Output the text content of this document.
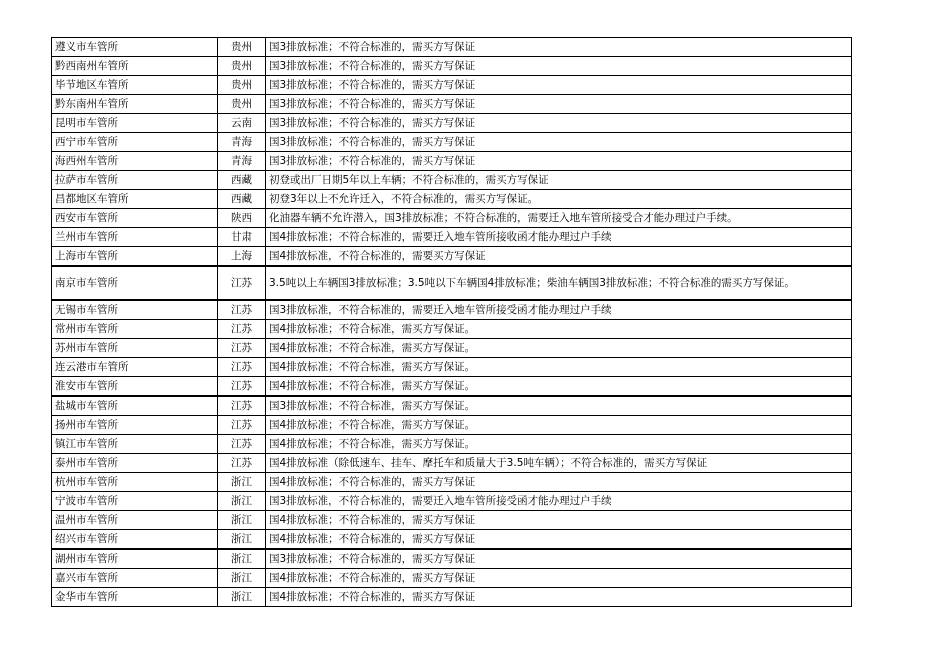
遵义市车管所	贵州	国3排放标准；不符合标准的，需买方写保证
黔西南州车管所	贵州	国3排放标准；不符合标准的，需买方写保证
毕节地区车管所	贵州	国3排放标准；不符合标准的，需买方写保证
黔东南州车管所	贵州	国3排放标准；不符合标准的，需买方写保证
昆明市车管所	云南	国3排放标准；不符合标准的，需买方写保证
西宁市车管所	青海	国3排放标准；不符合标准的，需买方写保证
海西州车管所	青海	国3排放标准；不符合标准的，需买方写保证
拉萨市车管所	西藏	初登或出厂日期5年以上车辆；不符合标准的，需买方写保证
昌都地区车管所	西藏	初登3年以上不允许迁入，不符合标准的，需买方写保证。
西安市车管所	陕西	化油器车辆不允许潜入，国3排放标准；不符合标准的，需要迁入地车管所接受合才能办理过户手续。
兰州市车管所	甘肃	国4排放标准；不符合标准的，需要迁入地车管所接收函才能办理过户手续
上海市车管所	上海	国4排放标准，不符合标准的，需要买方写保证
南京市车管所	江苏	3.5吨以上车辆国3排放标准；3.5吨以下车辆国4排放标准；柴油车辆国3排放标准；不符合标准的需买方写保证。
无锡市车管所	江苏	国3排放标准，不符合标准的，需要迁入地车管所接受函才能办理过户手续
常州市车管所	江苏	国4排放标准；不符合标准，需买方写保证。
苏州市车管所	江苏	国4排放标准；不符合标准，需买方写保证。
连云港市车管所	江苏	国4排放标准；不符合标准，需买方写保证。
淮安市车管所	江苏	国4排放标准；不符合标准，需买方写保证。
盐城市车管所	江苏	国3排放标准；不符合标准，需买方写保证。
扬州市车管所	江苏	国4排放标准；不符合标准，需买方写保证。
镇江市车管所	江苏	国4排放标准；不符合标准，需买方写保证。
泰州市车管所	江苏	国4排放标准（除低速车、挂车、摩托车和质量大于3.5吨车辆）；不符合标准的，需买方写保证
杭州市车管所	浙江	国4排放标准；不符合标准的，需买方写保证
宁波市车管所	浙江	国3排放标准，不符合标准的，需要迁入地车管所接受函才能办理过户手续
温州市车管所	浙江	国4排放标准；不符合标准的，需买方写保证
绍兴市车管所	浙江	国4排放标准；不符合标准的，需买方写保证
湖州市车管所	浙江	国3排放标准；不符合标准的，需买方写保证
嘉兴市车管所	浙江	国4排放标准；不符合标准的，需买方写保证
金华市车管所	浙江	国4排放标准；不符合标准的，需买方写保证
